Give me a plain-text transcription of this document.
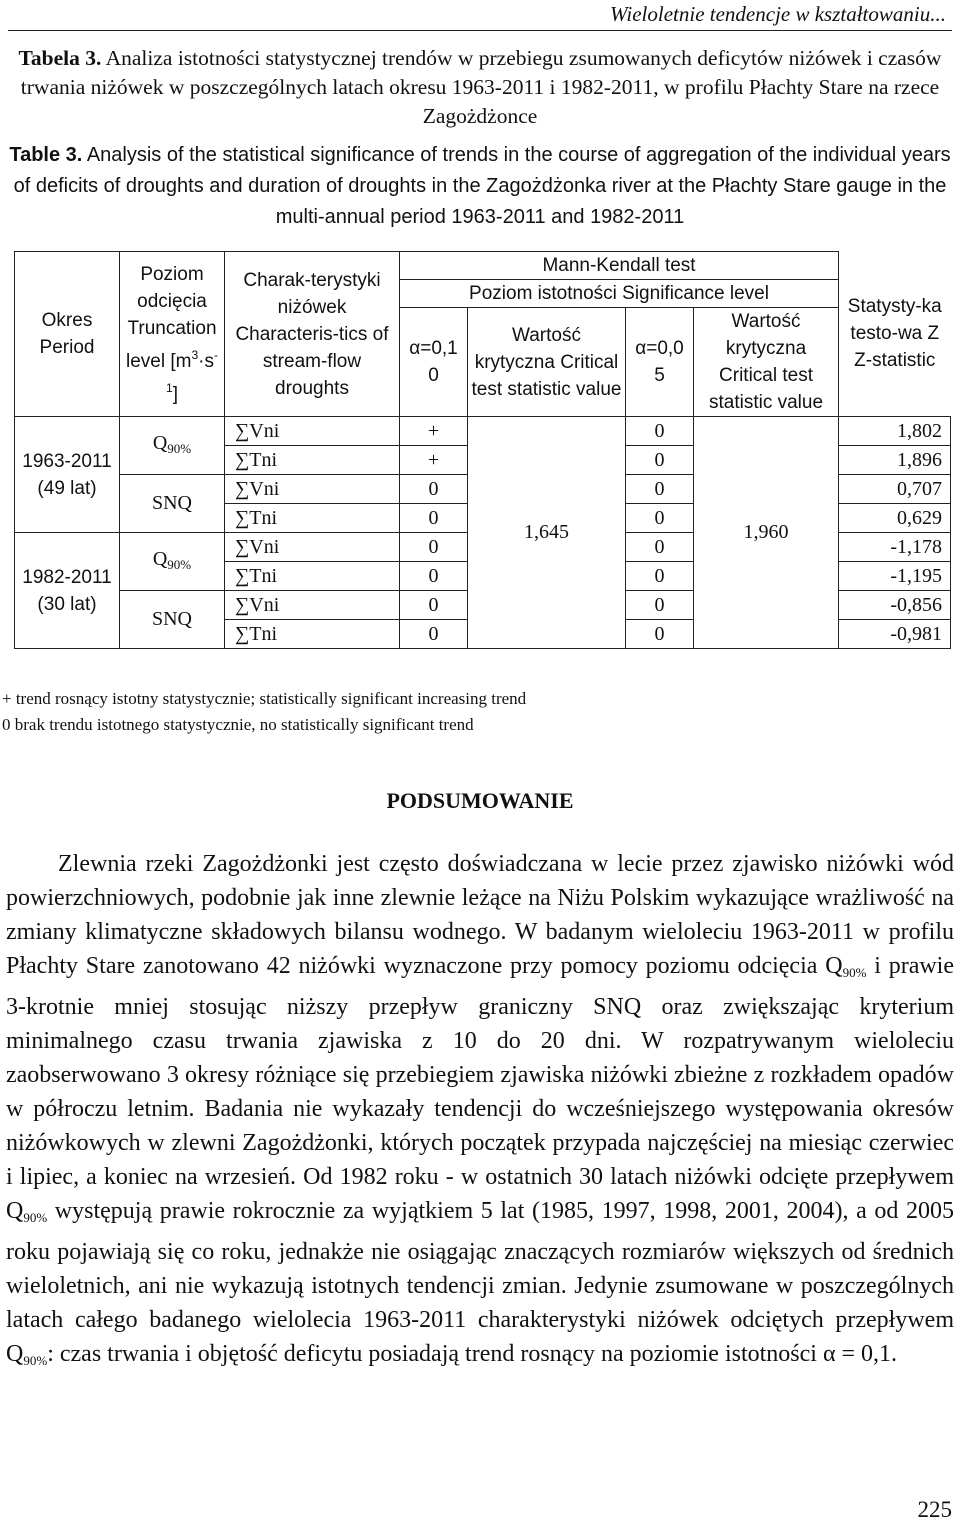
Wieloletnie tendencje w kształtowaniu...
Tabela 3. Analiza istotności statystycznej trendów w przebiegu zsumowanych deficytów niżówek i czasów trwania niżówek w poszczególnych latach okresu 1963-2011 i 1982-2011, w profilu Płachty Stare na rzece Zagożdżonce
Table 3. Analysis of the statistical significance of trends in the course of aggregation of the individual years of deficits of droughts and duration of droughts in the Zagożdżonka river at the Płachty Stare gauge in the multi-annual period 1963-2011 and 1982-2011
Okres Period	Poziom odcięcia Truncation level $[m^3\cdot s^{-1}]$	Charak-terystyki niżówek Characteris-tics of stream-flow droughts	Mann-Kendall test				Statysty-ka testo-wa Z Z-statistic
			Poziom istotności Significance level				
			α=0,1 0	Wartość krytyczna Critical test statistic value	α=0,0 5	Wartość krytyczna Critical test statistic value	
1963-2011 (49 lat)	$Q_{90\%}$	∑Vni	+	1,645	0	1,960	1,802
		∑Tni	+		0		1,896
	SNQ	∑Vni	0		0		0,707
		∑Tni	0		0		0,629
1982-2011 (30 lat)	$Q_{90\%}$	∑Vni	0		0		-1,178
		∑Tni	0		0		-1,195
	SNQ	∑Vni	0		0		-0,856
		∑Tni	0		0		-0,981
+ trend rosnący istotny statystycznie; statistically significant increasing trend
0 brak trendu istotnego statystycznie, no statistically significant trend
PODSUMOWANIE
Zlewnia rzeki Zagożdżonki jest często doświadczana w lecie przez zjawisko niżówki wód powierzchniowych, podobnie jak inne zlewnie leżące na Niżu Polskim wykazujące wrażliwość na zmiany klimatyczne składowych bilansu wodnego. W badanym wieloleciu 1963-2011 w profilu Płachty Stare zanotowano 42 niżówki wyznaczone przy pomocy poziomu odcięcia $Q_{90\%}$ i prawie 3-krotnie mniej stosując niższy przepływ graniczny SNQ oraz zwiększając kryterium minimalnego czasu trwania zjawiska z 10 do 20 dni. W rozpatrywanym wieloleciu zaobserwowano 3 okresy różniące się przebiegiem zjawiska niżówki zbieżne z rozkładem opadów w półroczu letnim. Badania nie wykazały tendencji do wcześniejszego występowania okresów niżówkowych w zlewni Zagożdżonki, których początek przypada najczęściej na miesiąc czerwiec i lipiec, a koniec na wrzesień. Od 1982 roku - w ostatnich 30 latach niżówki odcięte przepływem $Q_{90\%}$ występują prawie rokrocznie za wyjątkiem 5 lat (1985, 1997, 1998, 2001, 2004), a od 2005 roku pojawiają się co roku, jednakże nie osiągając znaczących rozmiarów większych od średnich wieloletnich, ani nie wykazują istotnych tendencji zmian. Jedynie zsumowane w poszczególnych latach całego badanego wielolecia 1963-2011 charakterystyki niżówek odciętych przepływem $Q_{90\%}$: czas trwania i objętość deficytu posiadają trend rosnący na poziomie istotności α = 0,1.
225
